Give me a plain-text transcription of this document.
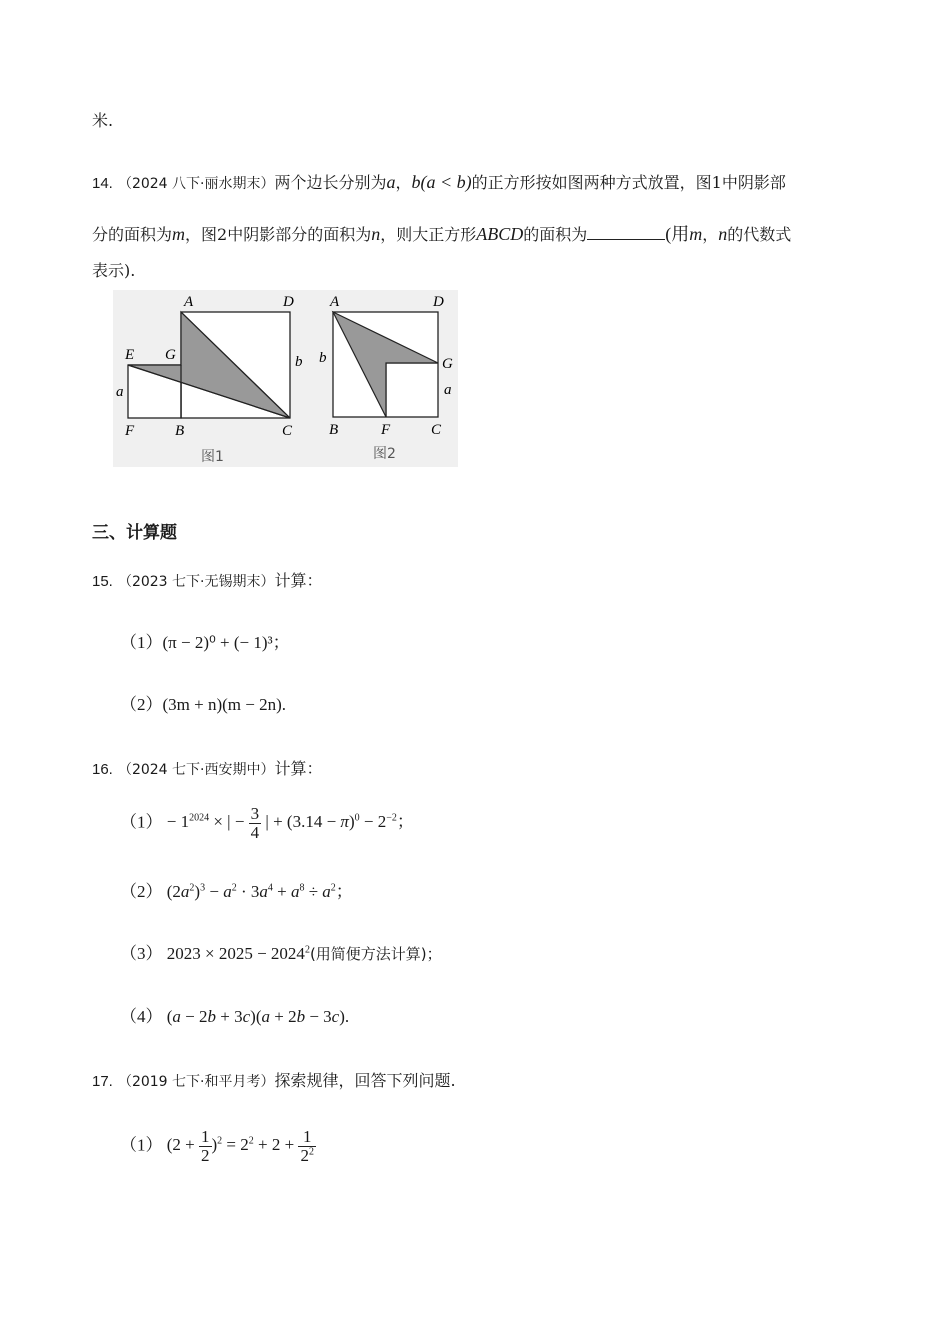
米.
14. （2024 八下·丽水期末）两个边长分别为a，b(a < b)的正方形按如图两种方式放置，图1中阴影部
分的面积为m，图2中阴影部分的面积为n，则大正方形ABCD的面积为	(用m，n的代数式
表示).
A	D
E G	b
a
F	B	C
图1
A	D
b	G
a
B	F	C
图2
三、计算题
15. （2023 七下·无锡期末）计算：
（1）(π − 2)⁰ + (− 1)³；
（2）(3m + n)(m − 2n).
16. （2024 七下·西安期中）计算：
$(1) - 1^{2024}$ × | − $\frac{3}{4}$ | + $(3.14 - \pi)^0 - 2^{-2}$；
（2） $(2a^2)^3 - a^2 \cdot 3a^4 + a^8 \div a^2$；
（3） $2023 \times 2025 - 2024^2$(用简便方法计算)；
（4） (a − 2b + 3c)(a + 2b − 3c).
17. （2019 七下·和平月考）探索规律，回答下列问题.
（1） $(2 + \frac{1}{2} )^2 = 2^2 + 2 + \frac{1}{2^2}$
